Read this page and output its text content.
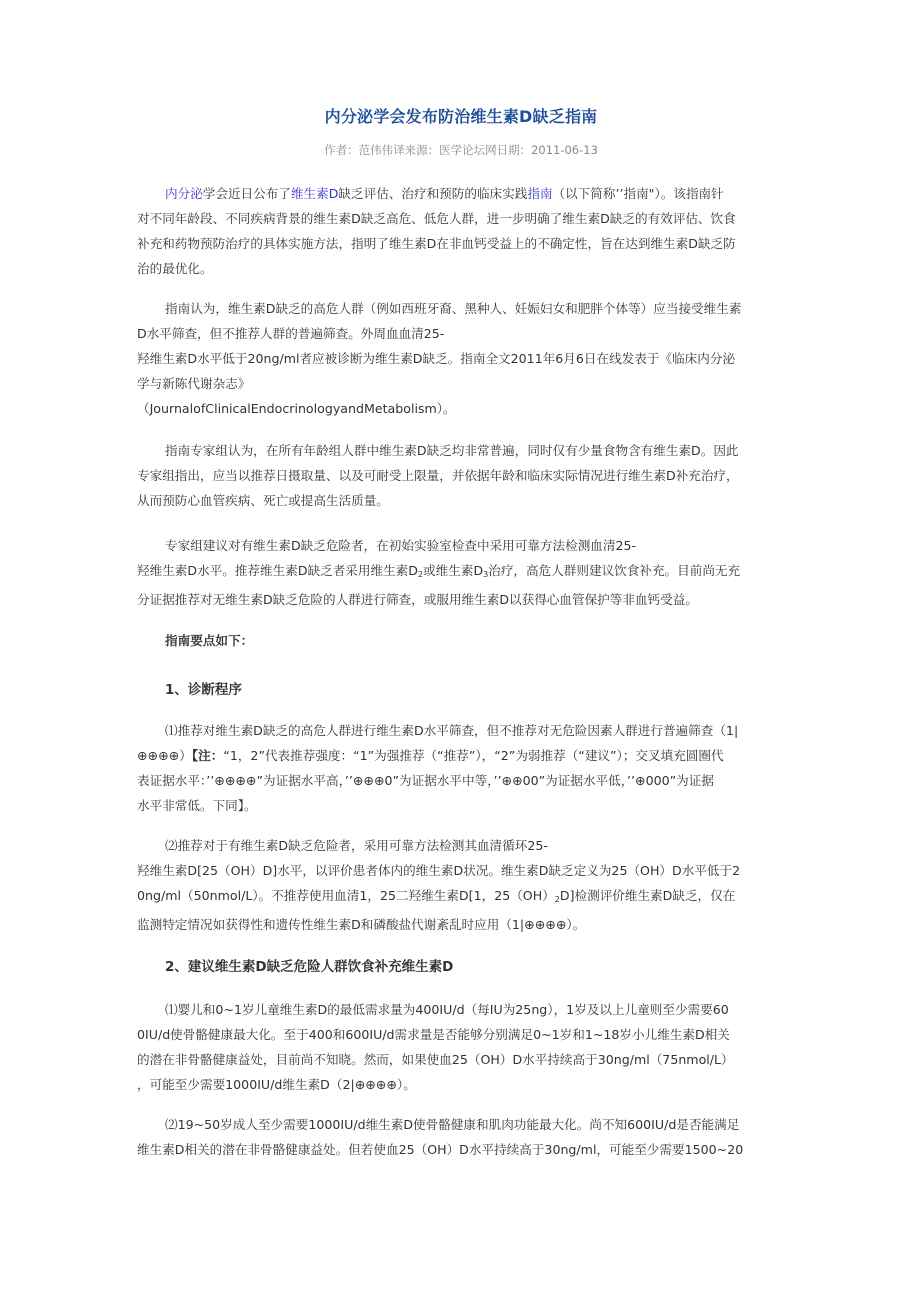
内分泌学会发布防治维生素D缺乏指南
作者：范伟伟译来源：医学论坛网日期：2011-06-13
内分泌学会近日公布了维生素D缺乏评估、治疗和预防的临床实践指南（以下简称’’指南"）。该指南针
对不同年龄段、不同疾病背景的维生素D缺乏高危、低危人群，进一步明确了维生素D缺乏的有效评估、饮食
补充和药物预防治疗的具体实施方法，指明了维生素D在非血钙受益上的不确定性，旨在达到维生素D缺乏防
治的最优化。
指南认为，维生素D缺乏的高危人群（例如西班牙裔、黑种人、妊娠妇女和肥胖个体等）应当接受维生素
D水平筛查，但不推荐人群的普遍筛查。外周血血清25-
羟维生素D水平低于20ng/ml者应被诊断为维生素D缺乏。指南全文2011年6月6日在线发表于《临床内分泌
学与新陈代谢杂志》
（JournalofClinicalEndocrinologyandMetabolism）。
指南专家组认为，在所有年龄组人群中维生素D缺乏均非常普遍，同时仅有少量食物含有维生素D。因此
专家组指出，应当以推荐日摄取量、以及可耐受上限量，并依据年龄和临床实际情况进行维生素D补充治疗，
从而预防心血管疾病、死亡或提高生活质量。
专家组建议对有维生素D缺乏危险者，在初始实验室检查中采用可靠方法检测血清25-
羟维生素D水平。推荐维生素D缺乏者采用维生素$D_2$或维生素$D_3$治疗，高危人群则建议饮食补充。目前尚无充
分证据推荐对无维生素D缺乏危险的人群进行筛查，或服用维生素D以获得心血管保护等非血钙受益。
指南要点如下：
1、诊断程序
⑴推荐对维生素D缺乏的高危人群进行维生素D水平筛查，但不推荐对无危险因素人群进行普遍筛查（1|
⊕⊕⊕⊕）【注：“1，2”代表推荐强度：“1”为强推荐（“推荐”），“2”为弱推荐（“建议”）；交叉填充圆圈代
表证据水平：’’⊕⊕⊕⊕”为证据水平高，’’⊕⊕⊕0”为证据水平中等，’’⊕⊕00”为证据水平低，’’⊕000”为证据
水平非常低。下同】。
⑵推荐对于有维生素D缺乏危险者，采用可靠方法检测其血清循环25-
羟维生素D[25（OH）D]水平，以评价患者体内的维生素D状况。维生素D缺乏定义为25（OH）D水平低于2
0ng/ml（50nmol/L）。不推荐使用血清1，25二羟维生素D[1，$25(OH)_2D$]检测评价维生素D缺乏，仅在
监测特定情况如获得性和遗传性维生素D和磷酸盐代谢紊乱时应用（1|⊕⊕⊕⊕）。
2、建议维生素D缺乏危险人群饮食补充维生素D
⑴婴儿和0~1岁儿童维生素D的最低需求量为400IU/d（每IU为25ng），1岁及以上儿童则至少需要60
0IU/d使骨骼健康最大化。至于400和600IU/d需求量是否能够分别满足0~1岁和1~18岁小儿维生素D相关
的潜在非骨骼健康益处，目前尚不知晓。然而，如果使血25（OH）D水平持续高于30ng/ml（75nmol/L）
，可能至少需要1000IU/d维生素D（2|⊕⊕⊕⊕）。
⑵19~50岁成人至少需要1000IU/d维生素D使骨骼健康和肌肉功能最大化。尚不知600IU/d是否能满足
维生素D相关的潜在非骨骼健康益处。但若使血25（OH）D水平持续高于30ng/ml，可能至少需要1500~20
